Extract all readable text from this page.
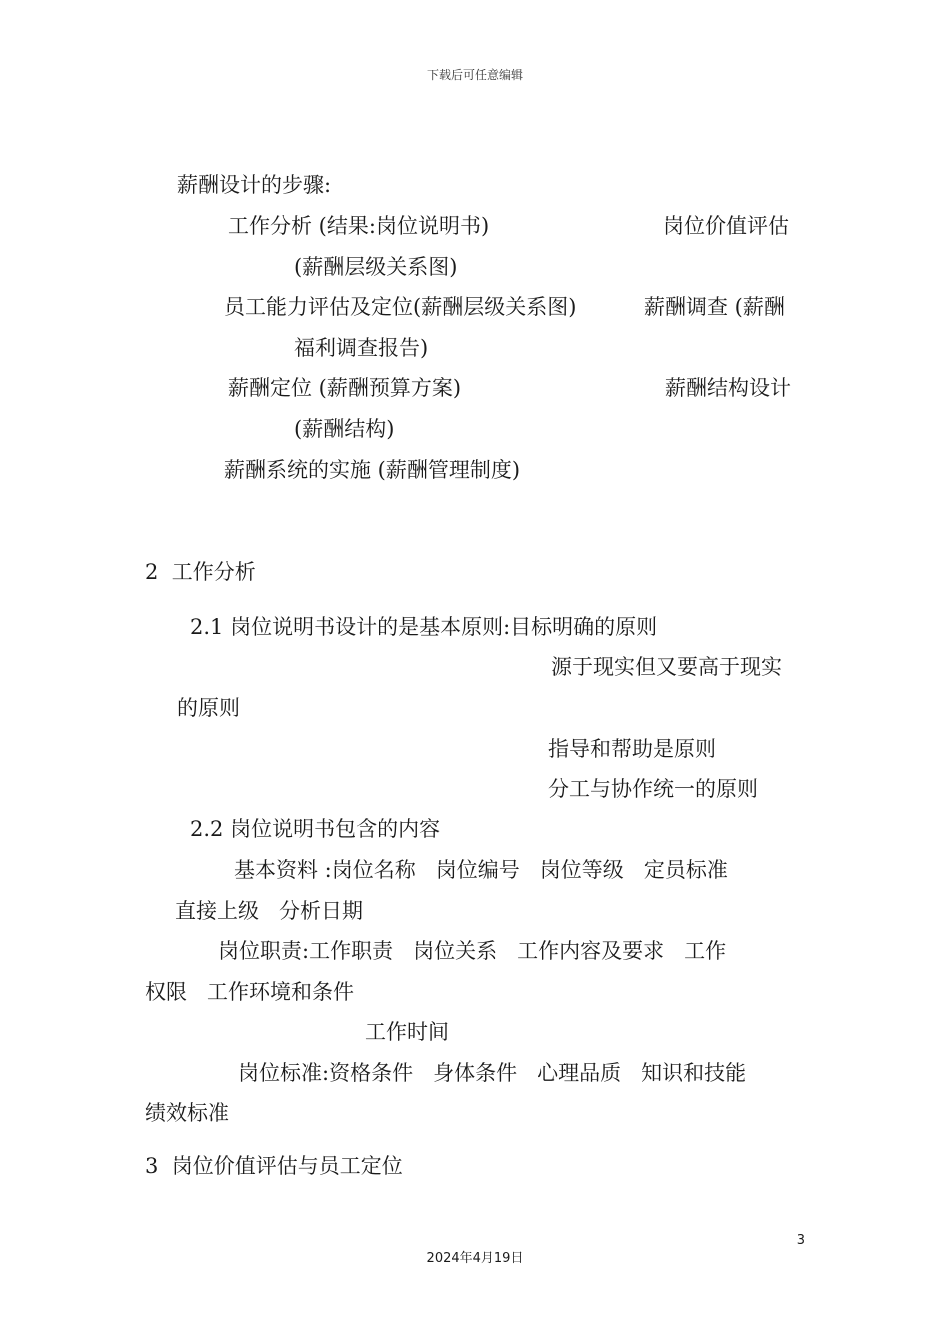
下载后可任意编辑
薪酬设计的步骤:
工作分析 (结果:岗位说明书)	岗位价值评估
(薪酬层级关系图)
员工能力评估及定位(薪酬层级关系图)	薪酬调查 (薪酬
福利调查报告)
薪酬定位 (薪酬预算方案)	薪酬结构设计
(薪酬结构)
薪酬系统的实施 (薪酬管理制度)
2  工作分析
2.1 岗位说明书设计的是基本原则:目标明确的原则
源于现实但又要高于现实
的原则
指导和帮助是原则
分工与协作统一的原则
2.2 岗位说明书包含的内容
基本资料 :岗位名称   岗位编号   岗位等级   定员标准
直接上级   分析日期
岗位职责:工作职责   岗位关系   工作内容及要求   工作
权限   工作环境和条件
工作时间
岗位标准:资格条件   身体条件   心理品质   知识和技能
绩效标准
3  岗位价值评估与员工定位
3
2024年4月19日
